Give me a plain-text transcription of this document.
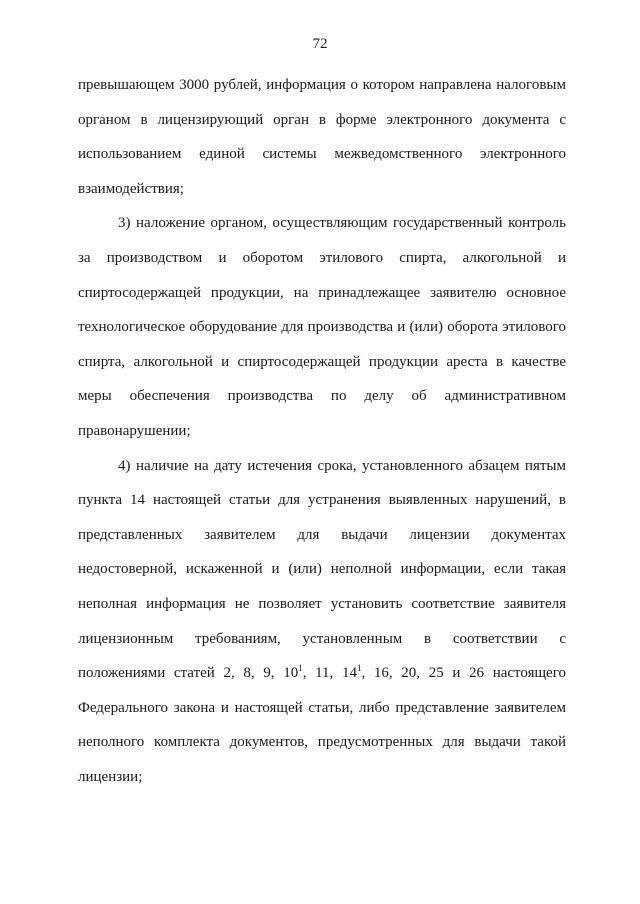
72

превышающем 3000 рублей, информация о котором направлена налоговым органом в лицензирующий орган в форме электронного документа с использованием единой системы межведомственного электронного взаимодействия;

3) наложение органом, осуществляющим государственный контроль за производством и оборотом этилового спирта, алкогольной и спиртосодержащей продукции, на принадлежащее заявителю основное технологическое оборудование для производства и (или) оборота этилового спирта, алкогольной и спиртосодержащей продукции ареста в качестве меры обеспечения производства по делу об административном правонарушении;

4) наличие на дату истечения срока, установленного абзацем пятым пункта 14 настоящей статьи для устранения выявленных нарушений, в представленных заявителем для выдачи лицензии документах недостоверной, искаженной и (или) неполной информации, если такая неполная информация не позволяет установить соответствие заявителя лицензионным требованиям, установленным в соответствии с положениями статей 2, 8, 9, $10^1$, 11, $14^1$, 16, 20, 25 и 26 настоящего Федерального закона и настоящей статьи, либо представление заявителем неполного комплекта документов, предусмотренных для выдачи такой лицензии;
